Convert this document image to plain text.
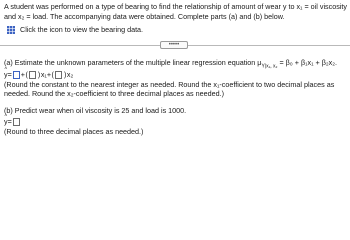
A student was performed on a type of bearing to find the relationship of amount of wear y to x₁ = oil viscosity and x₂ = load. The accompanying data were obtained. Complete parts (a) and (b) below.
Click the icon to view the bearing data.
•••••
(a) Estimate the unknown parameters of the multiple linear regression equation $\mu_{Y|x_1, x_2} = \beta_0 + \beta_1x_1 + \beta_2x_2$.
^ y = + ( ) x₁ + ( ) x₂
(Round the constant to the nearest integer as needed. Round the x₁-coefficient to two decimal places as needed. Round the x₂-coefficient to three decimal places as needed.)
(b) Predict wear when oil viscosity is 25 and load is 1000.
^ y =
(Round to three decimal places as needed.)
